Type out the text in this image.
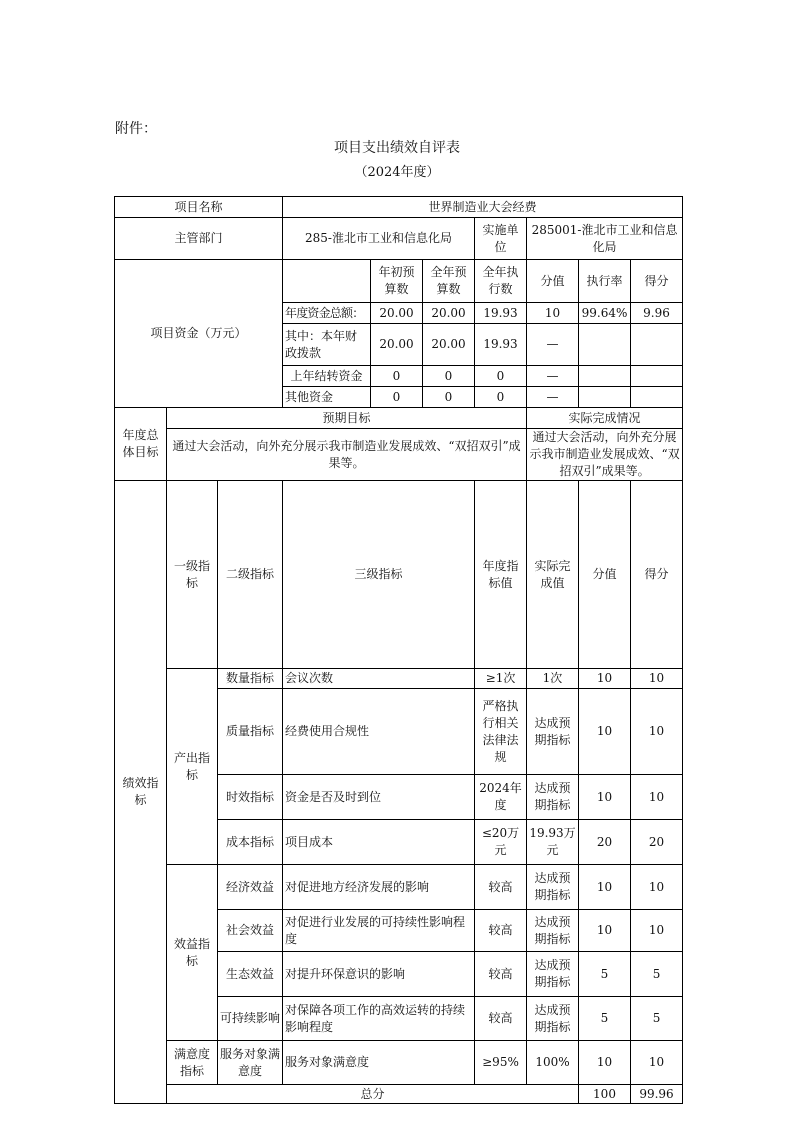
附件：
项目支出绩效自评表
（2024年度）
项目名称			世界制造业大会经费							
主管部门			285-淮北市工业和信息化局			实施单位	285001-淮北市工业和信息化局			
项目资金（万元）				年初预算数	全年预算数	全年执行数	分值	执行率	得分	
			年度资金总额：	20.00	20.00	19.93	10	99.64%	9.96	
			其中：本年财政拨款	20.00	20.00	19.93	—			
			上年结转资金	0	0	0	—			
			其他资金	0	0	0	—			
年度总体目标	预期目标						实际完成情况			
	通过大会活动，向外充分展示我市制造业发展成效、“双招双引”成果等。						通过大会活动，向外充分展示我市制造业发展成效、“双招双引”成果等。			
绩效指标	一级指标	二级指标	三级指标			年度指标值	实际完成值	分值	得分	
	产出指标	数量指标	会议次数			≥1次	1次	10	10	
		质量指标	经费使用合规性			严格执行相关法律法规	达成预期指标	10	10	
		时效指标	资金是否及时到位			2024年度	达成预期指标	10	10	
		成本指标	项目成本			≤20万元	19.93万元	20	20	
	效益指标	经济效益	对促进地方经济发展的影响			较高	达成预期指标	10	10	
		社会效益	对促进行业发展的可持续性影响程度			较高	达成预期指标	10	10	
		生态效益	对提升环保意识的影响			较高	达成预期指标	5	5	
		可持续影响	对保障各项工作的高效运转的持续影响程度			较高	达成预期指标	5	5	
	满意度指标	服务对象满意度	服务对象满意度			≥95%	100%	10	10	
	总分							100	99.96	
